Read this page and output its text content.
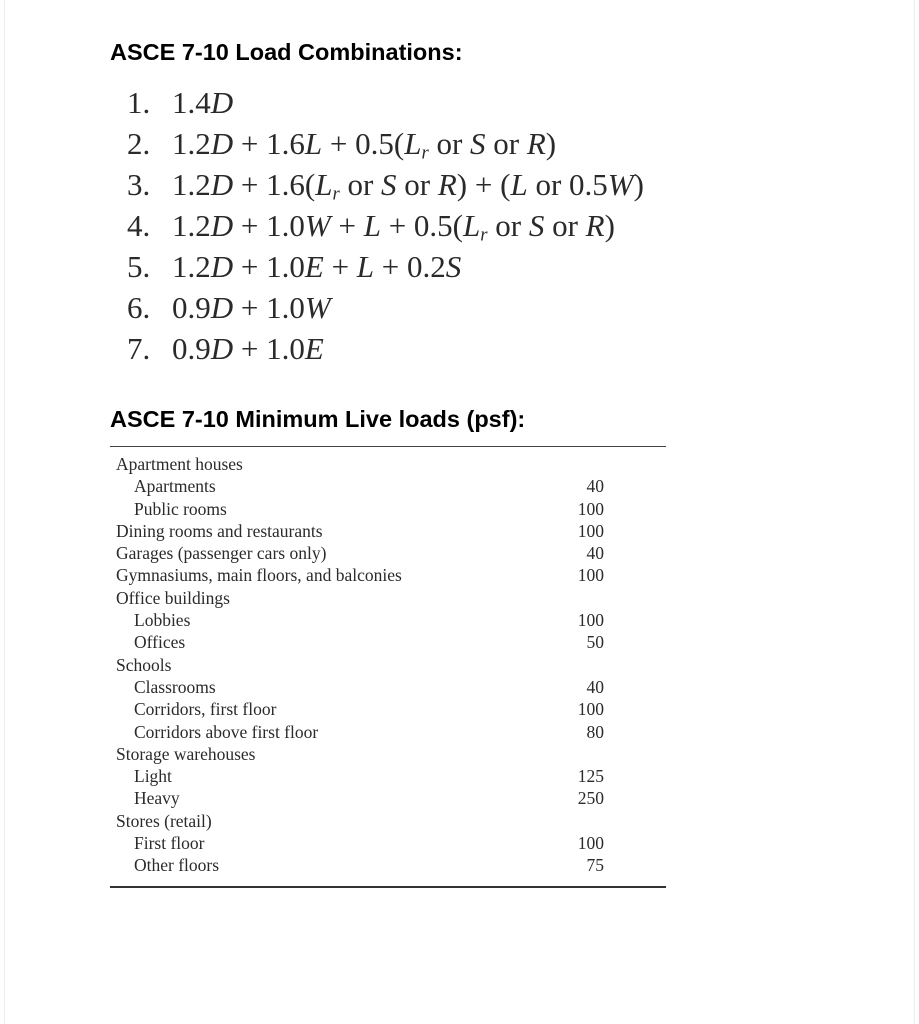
ASCE 7-10 Load Combinations:
1. 1.4D
2. $1.2D + 1.6L + 0.5(L_r$ or S or R)
3. $1.2D + 1.6(L_r$ or S or R) + (L or 0.5W)
4. $1.2D + 1.0W + L + 0.5(L_r$ or S or R)
5. 1.2D + 1.0E + L + 0.2S
6. 0.9D + 1.0W
7. 0.9D + 1.0E
ASCE 7-10 Minimum Live loads (psf):
Apartment houses
Apartments	40
Public rooms	100
Dining rooms and restaurants	100
Garages (passenger cars only)	40
Gymnasiums, main floors, and balconies	100
Office buildings
Lobbies	100
Offices	50
Schools
Classrooms	40
Corridors, first floor	100
Corridors above first floor	80
Storage warehouses
Light	125
Heavy	250
Stores (retail)
First floor	100
Other floors	75
